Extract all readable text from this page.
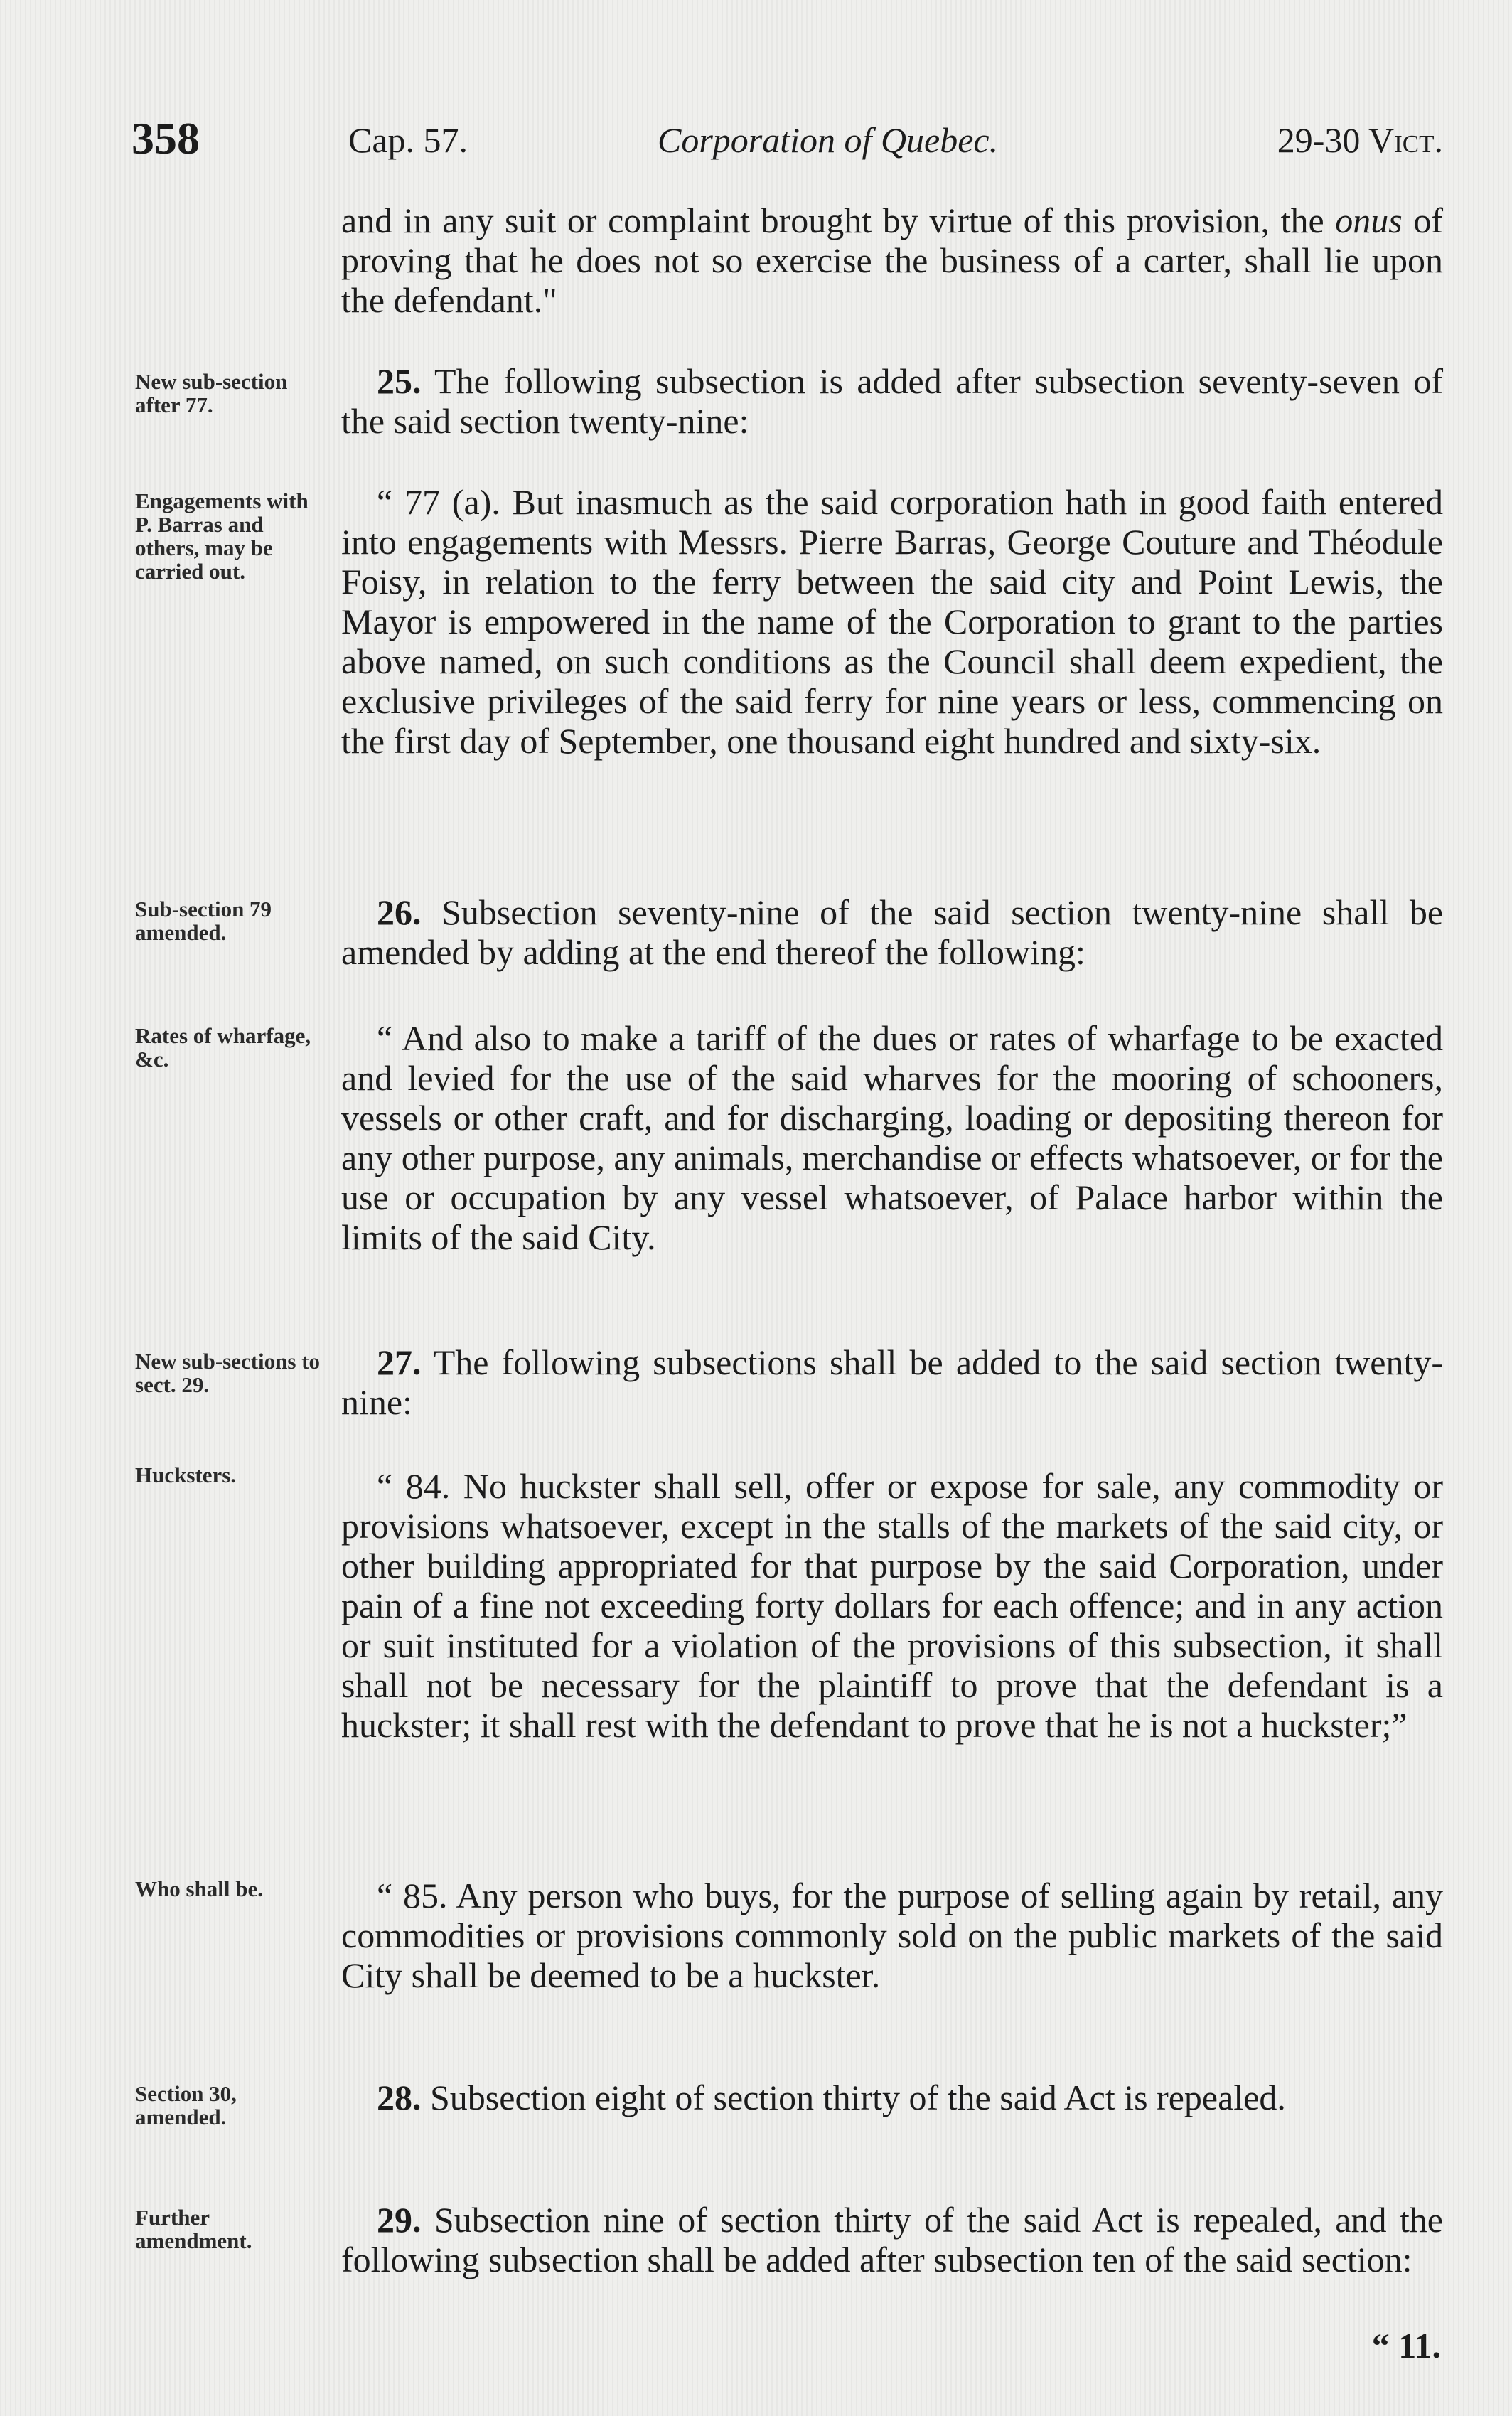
358	Cap. 57.	Corporation of Quebec.	29-30 Vict.

and in any suit or complaint brought by virtue of this provision, the onus of proving that he does not so exercise the business of a carter, shall lie upon the defendant."

New sub-section after 77.

25. The following subsection is added after subsection seventy-seven of the said section twenty-nine:

Engagements with P. Barras and others, may be carried out.

“ 77 (a). But inasmuch as the said corporation hath in good faith entered into engagements with Messrs. Pierre Barras, George Couture and Théodule Foisy, in relation to the ferry between the said city and Point Lewis, the Mayor is empowered in the name of the Corporation to grant to the parties above named, on such conditions as the Council shall deem expedient, the exclusive privileges of the said ferry for nine years or less, commencing on the first day of September, one thousand eight hundred and sixty-six.

Sub-section 79 amended.

26. Subsection seventy-nine of the said section twenty-nine shall be amended by adding at the end thereof the following:

Rates of wharfage, &c.

“ And also to make a tariff of the dues or rates of wharfage to be exacted and levied for the use of the said wharves for the mooring of schooners, vessels or other craft, and for discharging, loading or depositing thereon for any other purpose, any animals, merchandise or effects whatsoever, or for the use or occupation by any vessel whatsoever, of Palace harbor within the limits of the said City.

New sub-sections to sect. 29.

27. The following subsections shall be added to the said section twenty-nine:

Hucksters.	“ 84. No huckster shall sell, offer or expose for sale, any commodity or provisions whatsoever, except in the stalls of the markets of the said city, or other building appropriated for that purpose by the said Corporation, under pain of a fine not exceeding forty dollars for each offence; and in any action or suit instituted for a violation of the provisions of this subsection, it shall shall not be necessary for the plaintiff to prove that the defendant is a huckster; it shall rest with the defendant to prove that he is not a huckster;”

Who shall be.	“ 85. Any person who buys, for the purpose of selling again by retail, any commodities or provisions commonly sold on the public markets of the said City shall be deemed to be a huckster.

Section 30, amended.	28. Subsection eight of section thirty of the said Act is repealed.

Further amendment.

29. Subsection nine of section thirty of the said Act is repealed, and the following subsection shall be added after subsection ten of the said section:

“ 11.
